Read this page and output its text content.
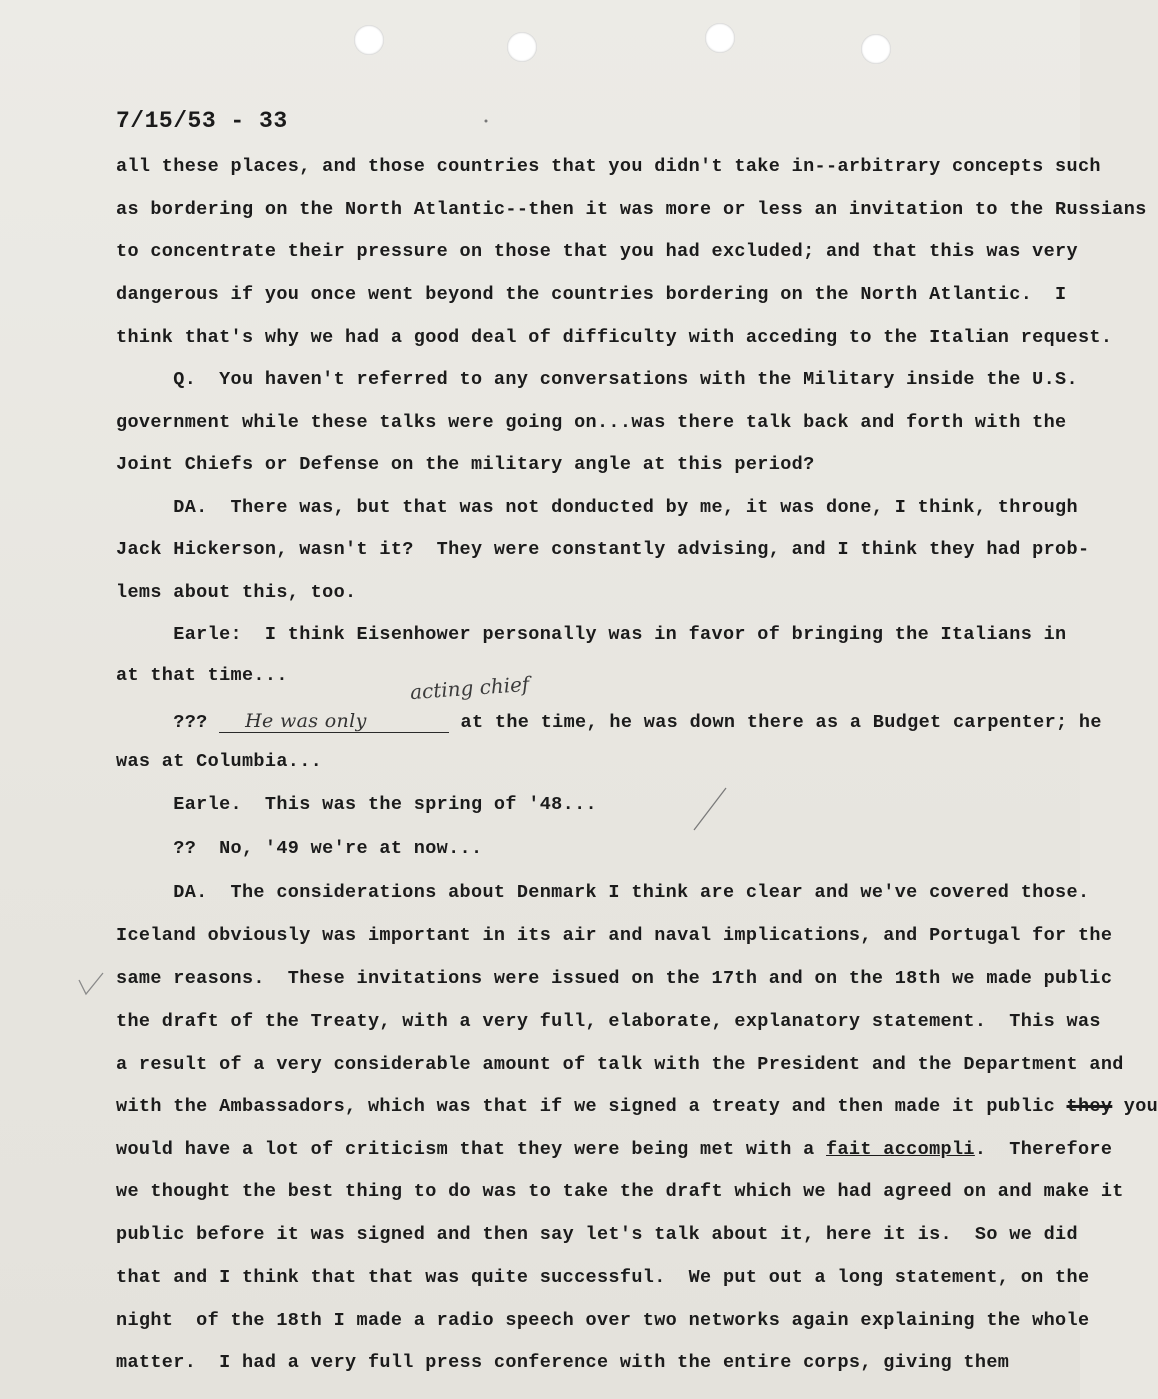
7/15/53 - 33
all these places, and those countries that you didn't take in--arbitrary concepts such
as bordering on the North Atlantic--then it was more or less an invitation to the Russians
to concentrate their pressure on those that you had excluded; and that this was very
dangerous if you once went beyond the countries bordering on the North Atlantic.  I
think that's why we had a good deal of difficulty with acceding to the Italian request.
Q.  You haven't referred to any conversations with the Military inside the U.S.
government while these talks were going on...was there talk back and forth with the
Joint Chiefs or Defense on the military angle at this period?
DA.  There was, but that was not donducted by me, it was done, I think, through
Jack Hickerson, wasn't it?  They were constantly advising, and I think they had prob-
lems about this, too.
Earle:  I think Eisenhower personally was in favor of bringing the Italians in
at that time...	acting chief
??? He was only	at the time, he was down there as a Budget carpenter; he
was at Columbia...
Earle.  This was the spring of '48...
??  No, '49 we're at now...
DA.  The considerations about Denmark I think are clear and we've covered those.
Iceland obviously was important in its air and naval implications, and Portugal for the
same reasons.  These invitations were issued on the 17th and on the 18th we made public
the draft of the Treaty, with a very full, elaborate, explanatory statement.  This was
a result of a very considerable amount of talk with the President and the Department and
with the Ambassadors, which was that if we signed a treaty and then made it public they you
would have a lot of criticism that they were being met with a fait accompli.  Therefore
we thought the best thing to do was to take the draft which we had agreed on and make it
public before it was signed and then say let's talk about it, here it is.  So we did
that and I think that that was quite successful.  We put out a long statement, on the
night  of the 18th I made a radio speech over two networks again explaining the whole
matter.  I had a very full press conference with the entire corps, giving them
